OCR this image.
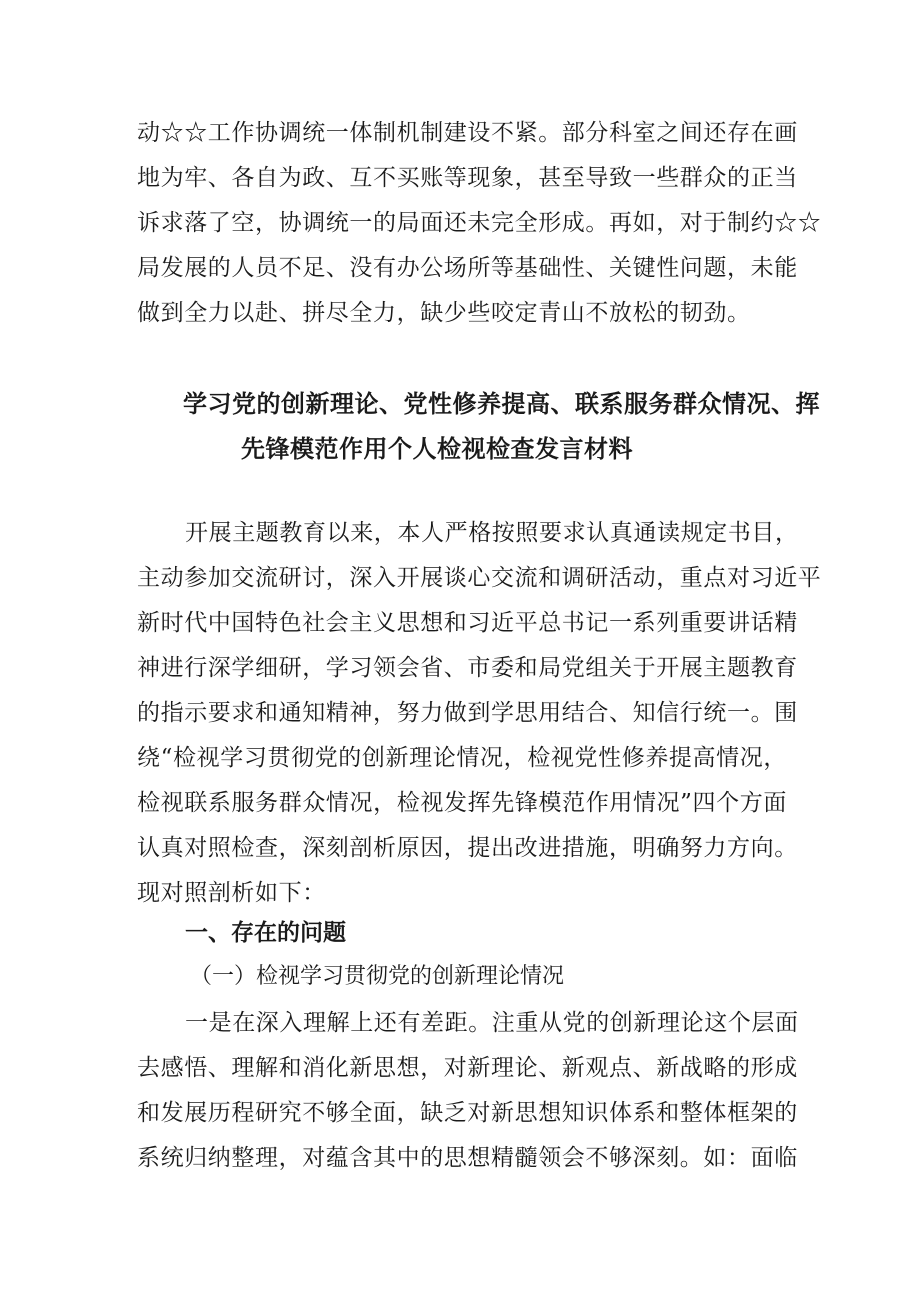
动☆☆工作协调统一体制机制建设不紧。部分科室之间还存在画
地为牢、各自为政、互不买账等现象，甚至导致一些群众的正当
诉求落了空，协调统一的局面还未完全形成。再如，对于制约☆☆
局发展的人员不足、没有办公场所等基础性、关键性问题，未能
做到全力以赴、拼尽全力，缺少些咬定青山不放松的韧劲。
学习党的创新理论、党性修养提高、联系服务群众情况、挥
先锋模范作用个人检视检查发言材料
开展主题教育以来，本人严格按照要求认真通读规定书目，
主动参加交流研讨，深入开展谈心交流和调研活动，重点对习近平
新时代中国特色社会主义思想和习近平总书记一系列重要讲话精
神进行深学细研，学习领会省、市委和局党组关于开展主题教育
的指示要求和通知精神，努力做到学思用结合、知信行统一。围
绕“检视学习贯彻党的创新理论情况，检视党性修养提高情况，
检视联系服务群众情况，检视发挥先锋模范作用情况”四个方面
认真对照检查，深刻剖析原因，提出改进措施，明确努力方向。
现对照剖析如下：
一、存在的问题
（一）检视学习贯彻党的创新理论情况
一是在深入理解上还有差距。注重从党的创新理论这个层面
去感悟、理解和消化新思想，对新理论、新观点、新战略的形成
和发展历程研究不够全面，缺乏对新思想知识体系和整体框架的
系统归纳整理，对蕴含其中的思想精髓领会不够深刻。如：面临
